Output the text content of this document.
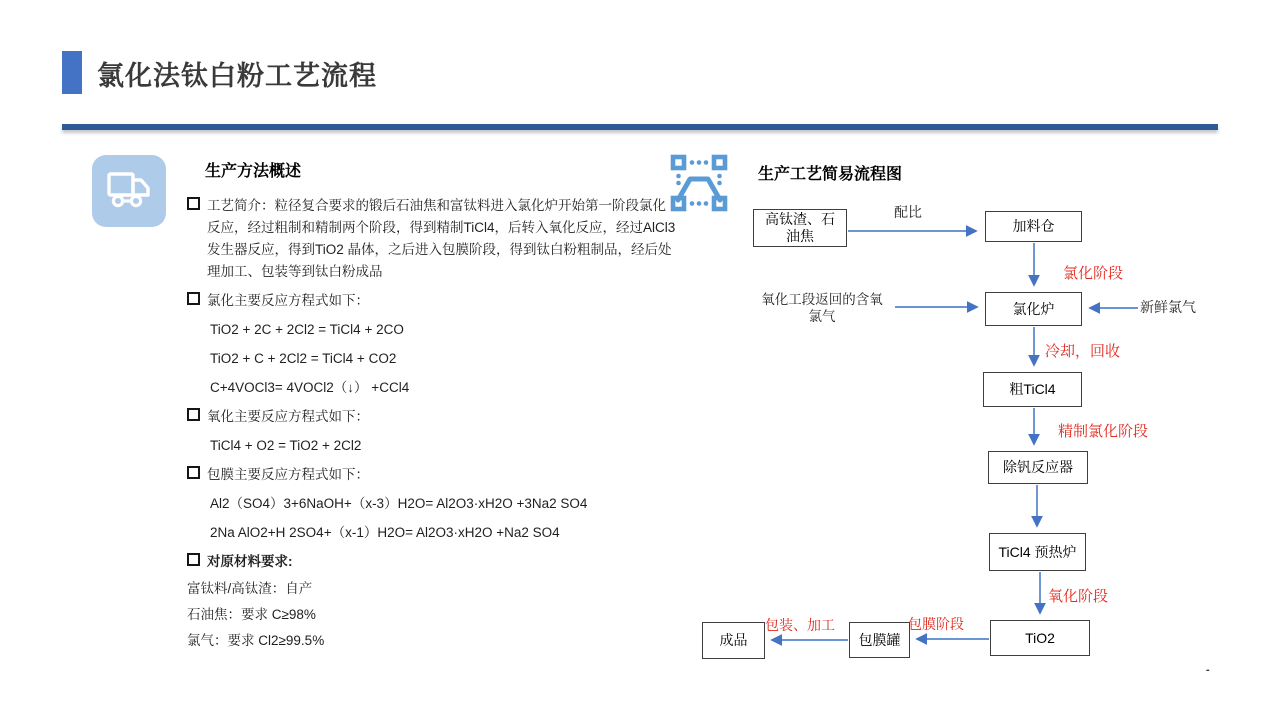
氯化法钛白粉工艺流程
生产方法概述

工艺简介：粒径复合要求的锻后石油焦和富钛料进入氯化炉开始第一阶段氯化反应，经过粗制和精制两个阶段，得到精制TiCl4，后转入氧化反应，经过AlCl3 发生器反应，得到TiO2 晶体，之后进入包膜阶段，得到钛白粉粗制品，经后处理加工、包装等到钛白粉成品

氯化主要反应方程式如下：

TiO2 + 2C + 2Cl2 = TiCl4 + 2CO

TiO2 + C + 2Cl2 = TiCl4 + CO2

C+4VOCl3= 4VOCl2（↓） +CCl4

氧化主要反应方程式如下：

TiCl4 + O2 = TiO2 + 2Cl2

包膜主要反应方程式如下：

Al2（SO4）3+6NaOH+（x-3）H2O= Al2O3·xH2O +3Na2 SO4

2Na AlO2+H 2SO4+（x-1）H2O= Al2O3·xH2O +Na2 SO4

对原材料要求:

富钛料/高钛渣：自产

石油焦：要求 C≥98%

氯气：要求 Cl2≥99.5%

生产工艺简易流程图
高钛渣、石油焦
加料仓
氯化炉
粗TiCl4
除钒反应器
TiCl4 预热炉
TiO2
包膜罐
成品
配比
氯化阶段
氧化工段返回的含氧氯气
新鲜氯气
冷却，回收
精制氯化阶段
氧化阶段
包膜阶段
包装、加工
-
